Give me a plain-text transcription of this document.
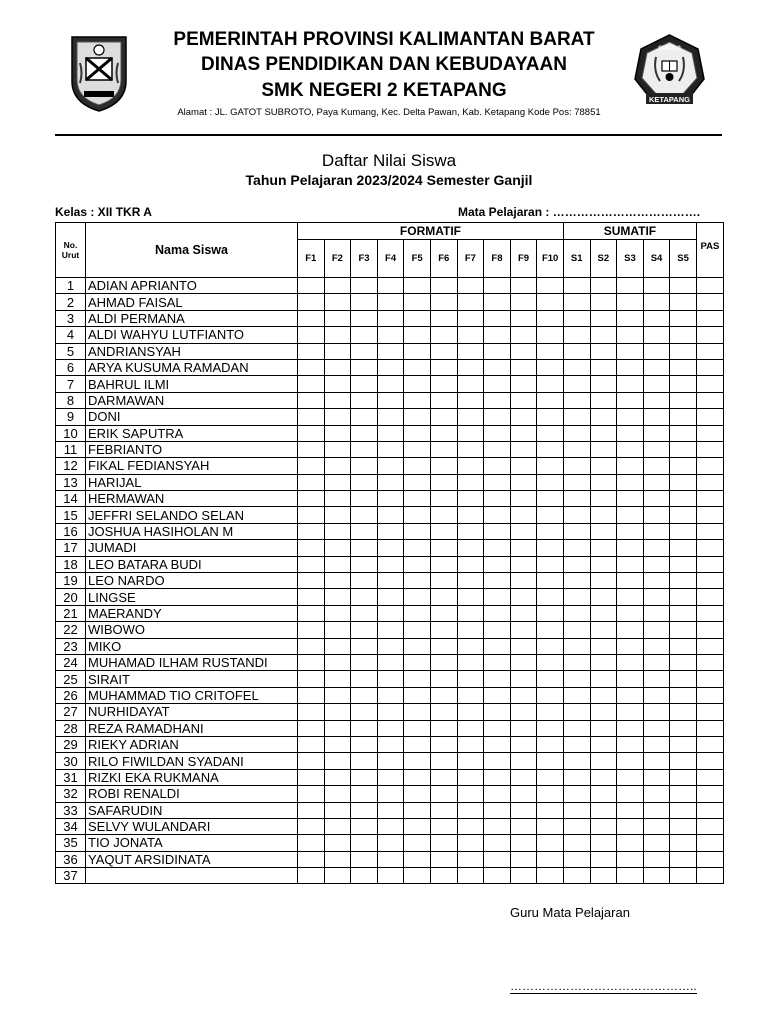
SMKN 2
KETAPANG
PEMERINTAH PROVINSI KALIMANTAN BARAT
DINAS PENDIDIKAN DAN KEBUDAYAAN
SMK NEGERI 2 KETAPANG
Alamat : JL. GATOT SUBROTO, Paya Kumang, Kec. Delta Pawan, Kab. Ketapang Kode Pos: 78851
Daftar Nilai Siswa
Tahun Pelajaran 2023/2024 Semester Ganjil
Kelas : XII TKR A	Mata Pelajaran : ……………………………….
No.
Urut	Nama Siswa	FORMATIF										SUMATIF					PAS
		F1	F2	F3	F4	F5	F6	F7	F8	F9	F10	S1	S2	S3	S4	S5	
1	ADIAN APRIANTO																
2	AHMAD FAISAL																
3	ALDI PERMANA																
4	ALDI WAHYU LUTFIANTO																
5	ANDRIANSYAH																
6	ARYA KUSUMA RAMADAN																
7	BAHRUL ILMI																
8	DARMAWAN																
9	DONI																
10	ERIK SAPUTRA																
11	FEBRIANTO																
12	FIKAL FEDIANSYAH																
13	HARIJAL																
14	HERMAWAN																
15	JEFFRI SELANDO SELAN																
16	JOSHUA HASIHOLAN M																
17	JUMADI																
18	LEO BATARA BUDI																
19	LEO NARDO																
20	LINGSE																
21	MAERANDY																
22	WIBOWO																
23	MIKO																
24	MUHAMAD ILHAM RUSTANDI																
25	SIRAIT																
26	MUHAMMAD TIO CRITOFEL																
27	NURHIDAYAT																
28	REZA RAMADHANI																
29	RIEKY ADRIAN																
30	RILO FIWILDAN SYADANI																
31	RIZKI EKA RUKMANA																
32	ROBI RENALDI																
33	SAFARUDIN																
34	SELVY WULANDARI																
35	TIO JONATA																
36	YAQUT ARSIDINATA																
37																	
Guru Mata Pelajaran
………………………………………..
